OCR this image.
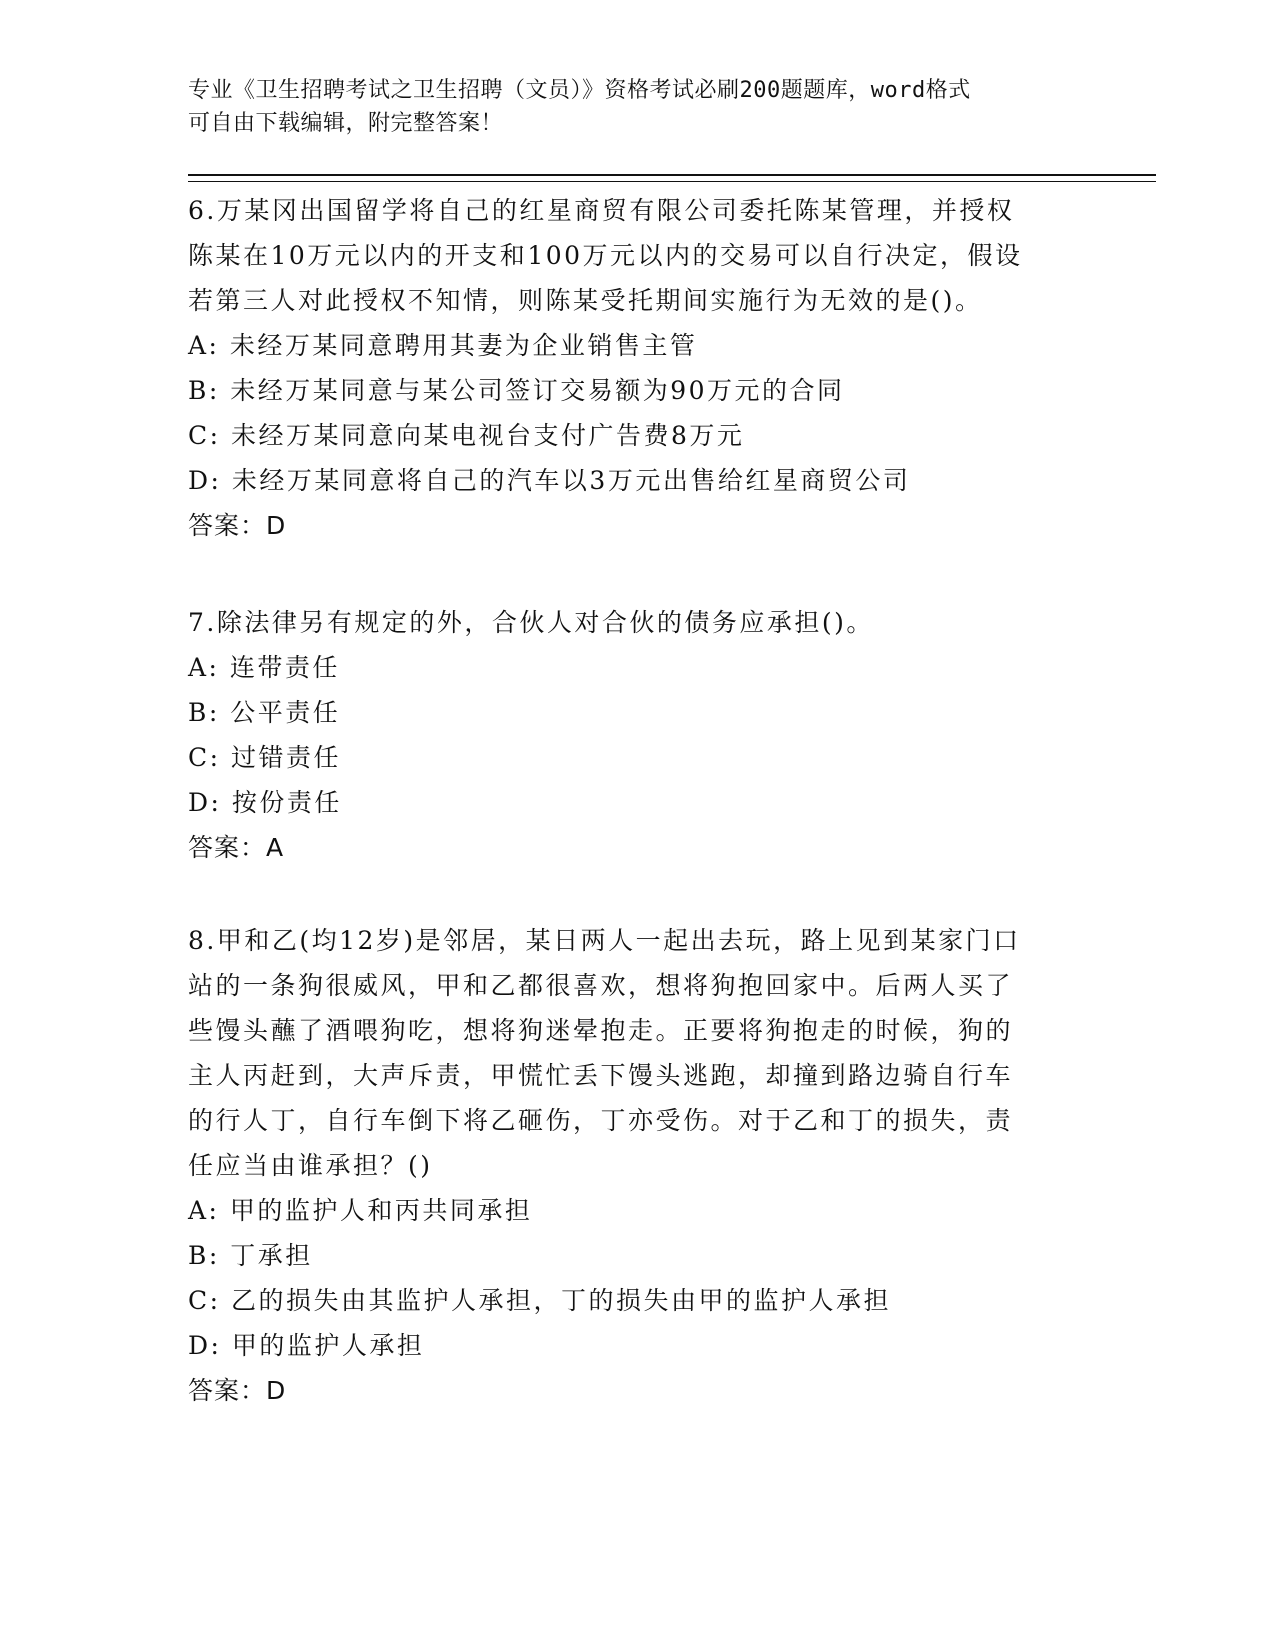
专业《卫生招聘考试之卫生招聘（文员）》资格考试必刷200题题库，word格式
可自由下载编辑，附完整答案！
6.万某冈出国留学将自己的红星商贸有限公司委托陈某管理，并授权
陈某在10万元以内的开支和100万元以内的交易可以自行决定，假设
若第三人对此授权不知情，则陈某受托期间实施行为无效的是()。
A: 未经万某同意聘用其妻为企业销售主管
B: 未经万某同意与某公司签订交易额为90万元的合同
C: 未经万某同意向某电视台支付广告费8万元
D: 未经万某同意将自己的汽车以3万元出售给红星商贸公司
答案：D
7.除法律另有规定的外，合伙人对合伙的债务应承担()。
A: 连带责任
B: 公平责任
C: 过错责任
D: 按份责任
答案：A
8.甲和乙(均12岁)是邻居，某日两人一起出去玩，路上见到某家门口
站的一条狗很威风，甲和乙都很喜欢，想将狗抱回家中。后两人买了
些馒头蘸了酒喂狗吃，想将狗迷晕抱走。正要将狗抱走的时候，狗的
主人丙赶到，大声斥责，甲慌忙丢下馒头逃跑，却撞到路边骑自行车
的行人丁，自行车倒下将乙砸伤，丁亦受伤。对于乙和丁的损失，责
任应当由谁承担？()
A: 甲的监护人和丙共同承担
B: 丁承担
C: 乙的损失由其监护人承担，丁的损失由甲的监护人承担
D: 甲的监护人承担
答案：D
